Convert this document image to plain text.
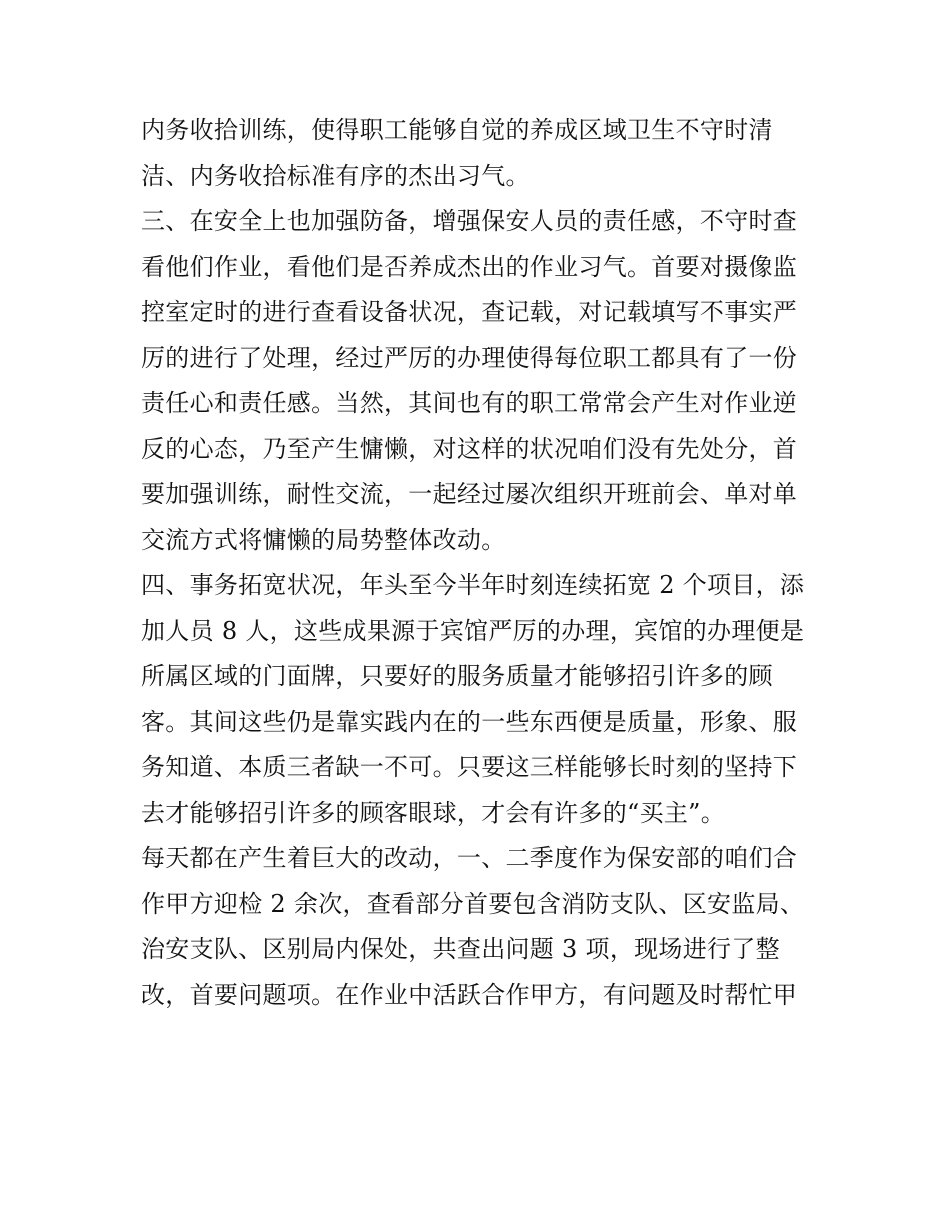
内务收拾训练，使得职工能够自觉的养成区域卫生不守时清
洁、内务收拾标准有序的杰出习气。
三、在安全上也加强防备，增强保安人员的责任感，不守时查
看他们作业，看他们是否养成杰出的作业习气。首要对摄像监
控室定时的进行查看设备状况，查记载，对记载填写不事实严
厉的进行了处理，经过严厉的办理使得每位职工都具有了一份
责任心和责任感。当然，其间也有的职工常常会产生对作业逆
反的心态，乃至产生慵懒，对这样的状况咱们没有先处分，首
要加强训练，耐性交流，一起经过屡次组织开班前会、单对单
交流方式将慵懒的局势整体改动。
四、事务拓宽状况，年头至今半年时刻连续拓宽 2 个项目，添
加人员 8 人，这些成果源于宾馆严厉的办理，宾馆的办理便是
所属区域的门面牌，只要好的服务质量才能够招引许多的顾
客。其间这些仍是靠实践内在的一些东西便是质量，形象、服
务知道、本质三者缺一不可。只要这三样能够长时刻的坚持下
去才能够招引许多的顾客眼球，才会有许多的“买主”。
每天都在产生着巨大的改动，一、二季度作为保安部的咱们合
作甲方迎检 2 余次，查看部分首要包含消防支队、区安监局、
治安支队、区别局内保处，共查出问题 3 项，现场进行了整
改，首要问题项。在作业中活跃合作甲方，有问题及时帮忙甲
